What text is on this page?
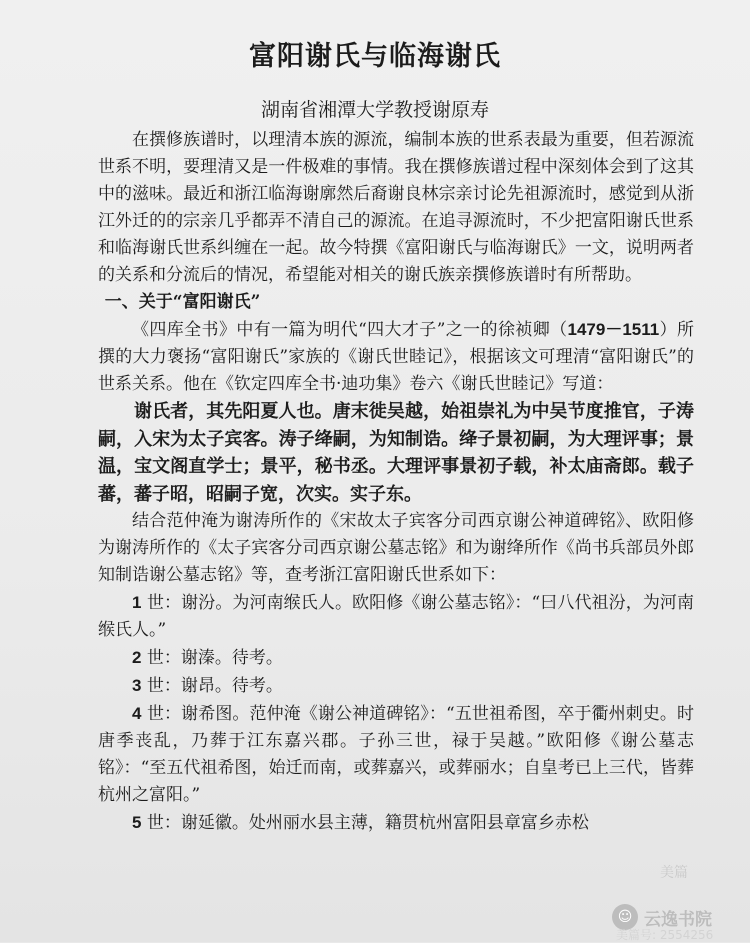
富阳谢氏与临海谢氏
湖南省湘潭大学教授谢原寿

在撰修族谱时，以理清本族的源流，编制本族的世系表最为重要，但若源流世系不明，要理清又是一件极难的事情。我在撰修族谱过程中深刻体会到了这其中的滋味。最近和浙江临海谢廓然后裔谢良林宗亲讨论先祖源流时，感觉到从浙江外迁的的宗亲几乎都弄不清自己的源流。在追寻源流时，不少把富阳谢氏世系和临海谢氏世系纠缠在一起。故今特撰《富阳谢氏与临海谢氏》一文，说明两者的关系和分流后的情况，希望能对相关的谢氏族亲撰修族谱时有所帮助。

一、关于“富阳谢氏”

《四库全书》中有一篇为明代“四大才子”之一的徐祯卿（1479－1511）所撰的大力褒扬“富阳谢氏”家族的《谢氏世睦记》，根据该文可理清“富阳谢氏”的世系关系。他在《钦定四库全书·迪功集》卷六《谢氏世睦记》写道：

谢氏者，其先阳夏人也。唐末徙吴越，始祖崇礼为中吴节度推官，子涛嗣，入宋为太子宾客。涛子绛嗣，为知制诰。绛子景初嗣，为大理评事；景温，宝文阁直学士；景平，秘书丞。大理评事景初子载，补太庙斋郎。载子蕃，蕃子昭，昭嗣子宽，次实。实子东。

结合范仲淹为谢涛所作的《宋故太子宾客分司西京谢公神道碑铭》、欧阳修为谢涛所作的《太子宾客分司西京谢公墓志铭》和为谢绛所作《尚书兵部员外郎知制诰谢公墓志铭》等，查考浙江富阳谢氏世系如下：

1 世：谢汾。为河南缑氏人。欧阳修《谢公墓志铭》：“曰八代祖汾，为河南缑氏人。”

2 世：谢溱。待考。

3 世：谢昂。待考。

4 世：谢希图。范仲淹《谢公神道碑铭》：“五世祖希图，卒于衢州刺史。时唐季丧乱，乃葬于江东嘉兴郡。子孙三世，禄于吴越。”欧阳修《谢公墓志铭》：“至五代祖希图，始迁而南，或葬嘉兴，或葬丽水；自皇考已上三代，皆葬杭州之富阳。”

5 世：谢延徽。处州丽水县主薄，籍贯杭州富阳县章富乡赤松

美篇
☺ 云逸书院
美篇号: 2554256
